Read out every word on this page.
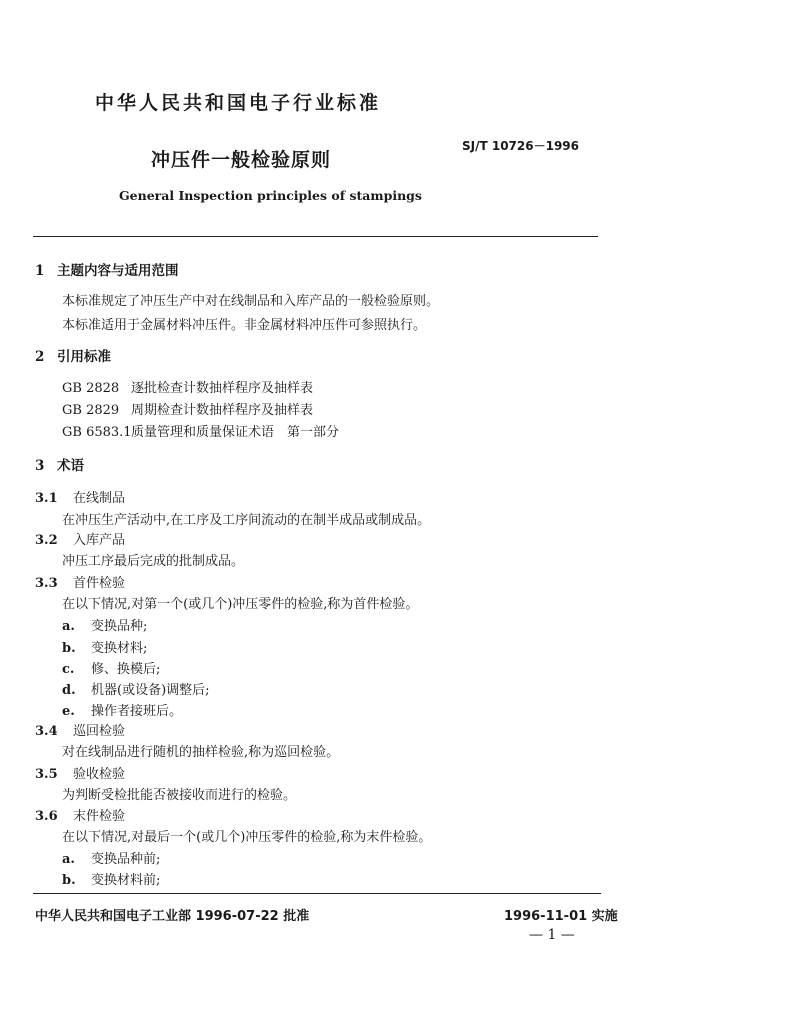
中华人民共和国电子行业标准
冲压件一般检验原则
SJ/T 10726－1996
General Inspection principles of stampings
1 主题内容与适用范围
本标准规定了冲压生产中对在线制品和入库产品的一般检验原则。
本标准适用于金属材料冲压件。非金属材料冲压件可参照执行。
2 引用标准
GB 2828 逐批检查计数抽样程序及抽样表
GB 2829 周期检查计数抽样程序及抽样表
GB 6583.1质量管理和质量保证术语　第一部分
3 术语
3.1 在线制品
在冲压生产活动中,在工序及工序间流动的在制半成品或制成品。
3.2 入库产品
冲压工序最后完成的批制成品。
3.3 首件检验
在以下情况,对第一个(或几个)冲压零件的检验,称为首件检验。
a. 变换品种;
b. 变换材料;
c. 修、换模后;
d. 机器(或设备)调整后;
e. 操作者接班后。
3.4 巡回检验
对在线制品进行随机的抽样检验,称为巡回检验。
3.5 验收检验
为判断受检批能否被接收而进行的检验。
3.6 末件检验
在以下情况,对最后一个(或几个)冲压零件的检验,称为末件检验。
a. 变换品种前;
b. 变换材料前;
中华人民共和国电子工业部 1996-07-22 批准	1996-11-01 实施
— 1 —
